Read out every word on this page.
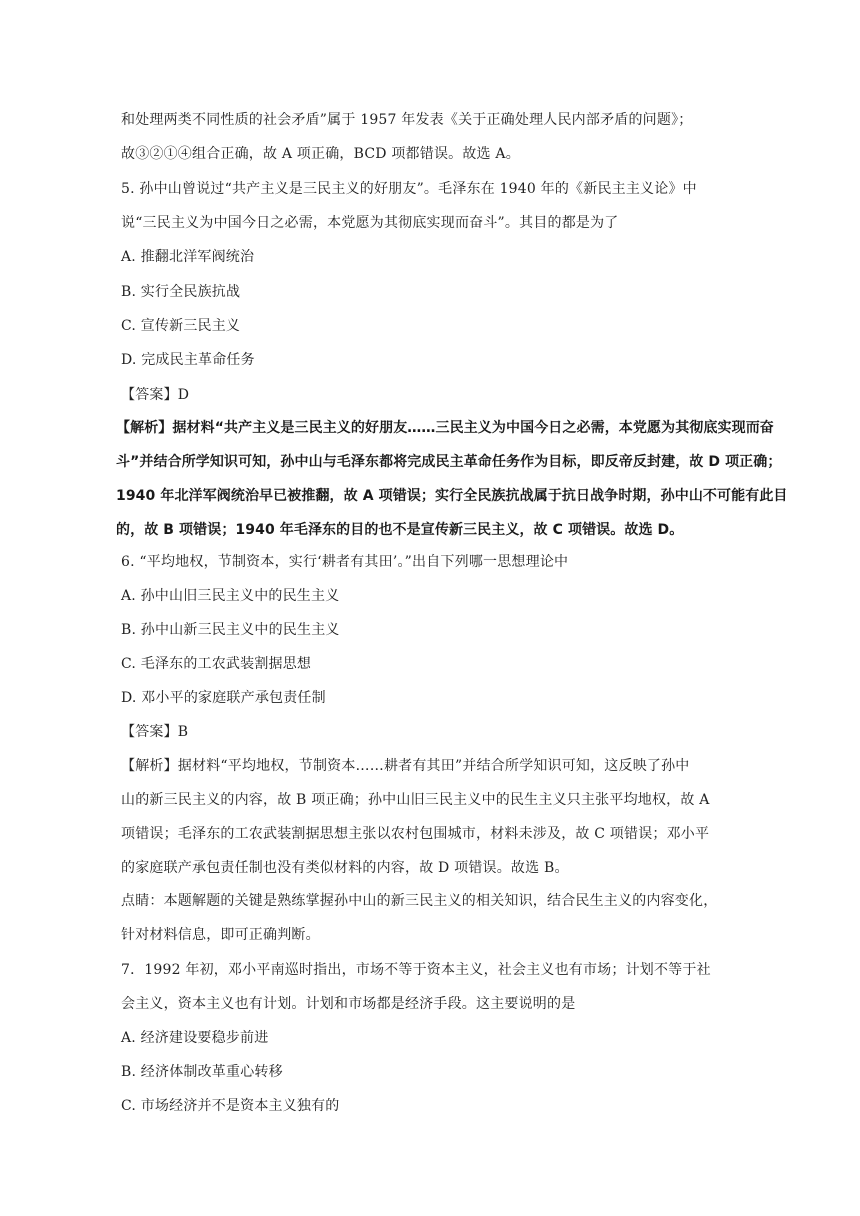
和处理两类不同性质的社会矛盾”属于 1957 年发表《关于正确处理人民内部矛盾的问题》；
故③②①④组合正确，故 A 项正确，BCD 项都错误。故选 A。
5. 孙中山曾说过“共产主义是三民主义的好朋友”。毛泽东在 1940 年的《新民主主义论》中
说“三民主义为中国今日之必需，本党愿为其彻底实现而奋斗”。其目的都是为了
A. 推翻北洋军阀统治
B. 实行全民族抗战
C. 宣传新三民主义
D. 完成民主革命任务
【答案】D
【解析】据材料“共产主义是三民主义的好朋友……三民主义为中国今日之必需，本党愿为其彻底实现而奋
斗”并结合所学知识可知，孙中山与毛泽东都将完成民主革命任务作为目标，即反帝反封建，故 D 项正确；
1940 年北洋军阀统治早已被推翻，故 A 项错误；实行全民族抗战属于抗日战争时期，孙中山不可能有此目
的，故 B 项错误；1940 年毛泽东的目的也不是宣传新三民主义，故 C 项错误。故选 D。
6. “平均地权，节制资本，实行‘耕者有其田’。”出自下列哪一思想理论中
A. 孙中山旧三民主义中的民生主义
B. 孙中山新三民主义中的民生主义
C. 毛泽东的工农武装割据思想
D. 邓小平的家庭联产承包责任制
【答案】B
【解析】据材料“平均地权，节制资本……耕者有其田”并结合所学知识可知，这反映了孙中
山的新三民主义的内容，故 B 项正确；孙中山旧三民主义中的民生主义只主张平均地权，故 A
项错误；毛泽东的工农武装割据思想主张以农村包围城市，材料未涉及，故 C 项错误；邓小平
的家庭联产承包责任制也没有类似材料的内容，故 D 项错误。故选 B。
点睛：本题解题的关键是熟练掌握孙中山的新三民主义的相关知识，结合民生主义的内容变化，
针对材料信息，即可正确判断。
7．1992 年初，邓小平南巡时指出，市场不等于资本主义，社会主义也有市场；计划不等于社
会主义，资本主义也有计划。计划和市场都是经济手段。这主要说明的是
A. 经济建设要稳步前进
B. 经济体制改革重心转移
C. 市场经济并不是资本主义独有的
